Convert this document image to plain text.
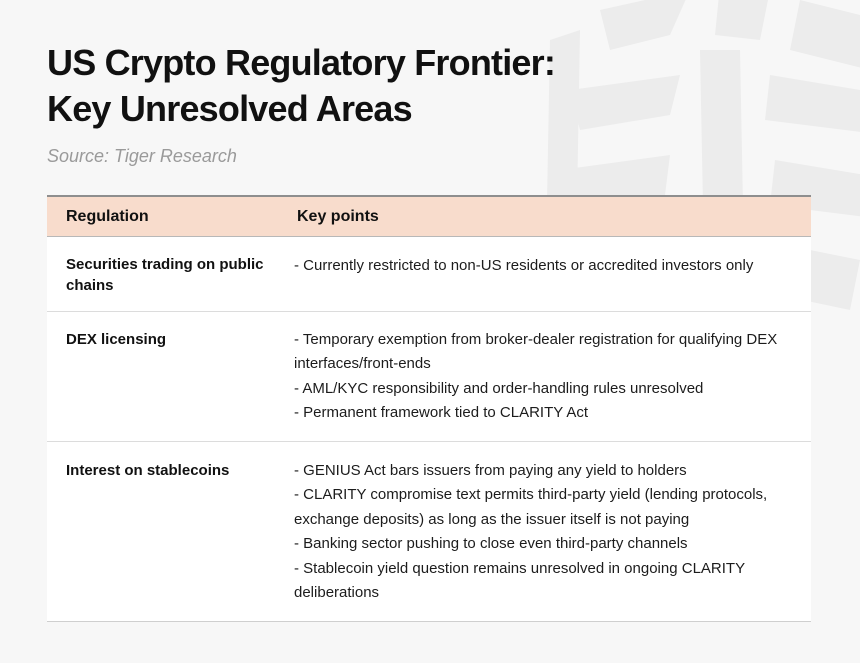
US Crypto Regulatory Frontier:
Key Unresolved Areas
Source: Tiger Research
Regulation	Key points
Securities trading on public chains	- Currently restricted to non-US residents or accredited investors only

DEX licensing	- Temporary exemption from broker-dealer registration for qualifying DEX interfaces/front-ends
- AML/KYC responsibility and order-handling rules unresolved
- Permanent framework tied to CLARITY Act

Interest on stablecoins	- GENIUS Act bars issuers from paying any yield to holders
- CLARITY compromise text permits third-party yield (lending protocols, exchange deposits) as long as the issuer itself is not paying
- Banking sector pushing to close even third-party channels
- Stablecoin yield question remains unresolved in ongoing CLARITY deliberations
